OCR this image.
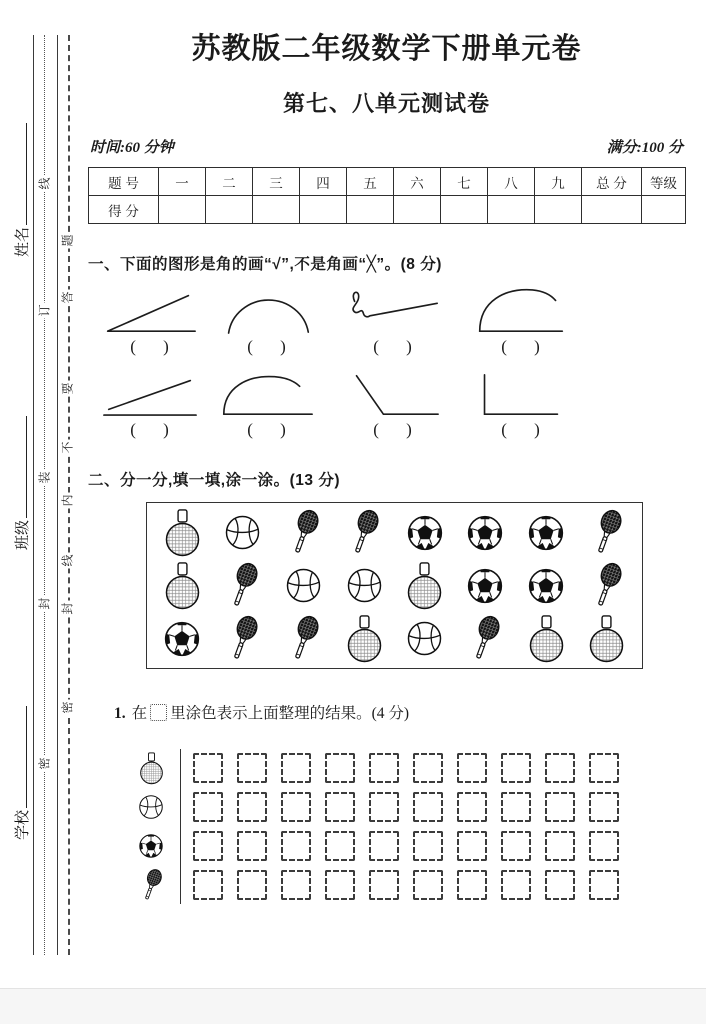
密
封
装
订
线
密
封
线
内
不
要
答
题
姓名
班级
学校
苏教版二年级数学下册单元卷
第七、八单元测试卷
时间:60 分钟	满分:100 分
题 号	一	二	三	四	五	六	七	八	九	总 分	等级
得 分											
一、下面的图形是角的画“√”,不是角画“╳”。(8 分)
(     )	(     )	(     )	(     )
(     )	(     )	(     )	(     )
二、分一分,填一填,涂一涂。(13 分)
1. 在 里涂色表示上面整理的结果。(4 分)
